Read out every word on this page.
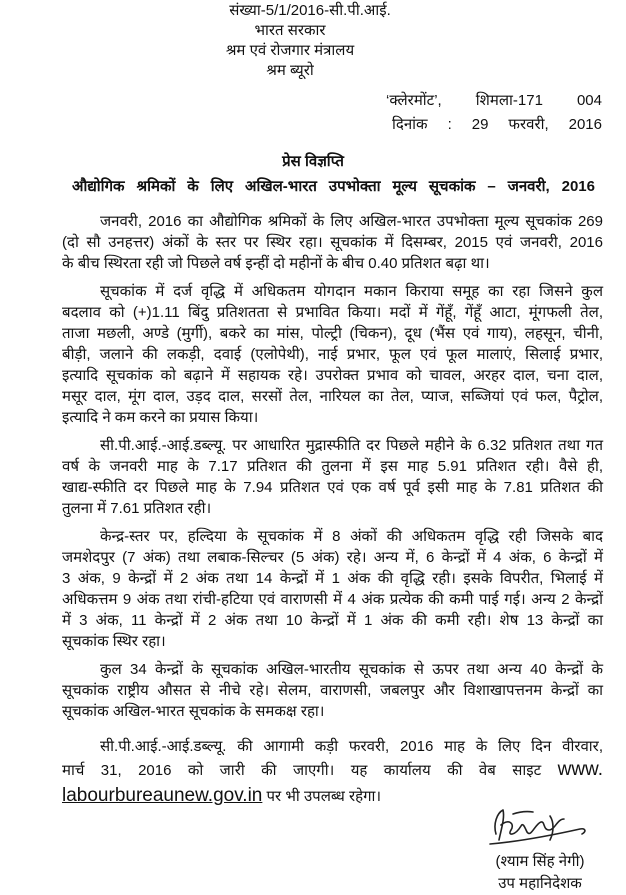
संख्या-5/1/2016-सी.पी.आई.
भारत सरकार
श्रम एवं रोजगार मंत्रालय
श्रम ब्यूरो
‘क्लेरमोंट’, शिमला-171 004
दिनांक : 29 फरवरी, 2016
प्रेस विज्ञप्ति
औद्योगिक श्रमिकों के लिए अखिल-भारत उपभोक्ता मूल्य सूचकांक – जनवरी, 2016
जनवरी, 2016 का औद्योगिक श्रमिकों के लिए अखिल-भारत उपभोक्ता मूल्य सूचकांक 269
(दो सौ उनहत्तर) अंकों के स्तर पर स्थिर रहा। सूचकांक में दिसम्बर, 2015 एवं जनवरी, 2016
के बीच स्थिरता रही जो पिछले वर्ष इन्हीं दो महीनों के बीच 0.40 प्रतिशत बढ़ा था।
सूचकांक में दर्ज वृद्धि में अधिकतम योगदान मकान किराया समूह का रहा जिसने कुल
बदलाव को (+)1.11 बिंदु प्रतिशतता से प्रभावित किया। मदों में गेंहूँ, गेंहूँ आटा, मूंगफली तेल,
ताजा मछली, अण्डे (मुर्गी), बकरे का मांस, पोल्ट्री (चिकन), दूध (भैंस एवं गाय), लहसून, चीनी,
बीड़ी, जलाने की लकड़ी, दवाई (एलोपेथी), नाई प्रभार, फूल एवं फूल मालाएं, सिलाई प्रभार,
इत्यादि सूचकांक को बढ़ाने में सहायक रहे। उपरोक्त प्रभाव को चावल, अरहर दाल, चना दाल,
मसूर दाल, मूंग दाल, उड़द दाल, सरसों तेल, नारियल का तेल, प्याज, सब्जियां एवं फल, पैट्रोल,
इत्यादि ने कम करने का प्रयास किया।
सी.पी.आई.-आई.डब्ल्यू. पर आधारित मुद्रास्फीति दर पिछले महीने के 6.32 प्रतिशत तथा गत
वर्ष के जनवरी माह के 7.17 प्रतिशत की तुलना में इस माह 5.91 प्रतिशत रही। वैसे ही,
खाद्य-स्फीति दर पिछले माह के 7.94 प्रतिशत एवं एक वर्ष पूर्व इसी माह के 7.81 प्रतिशत की
तुलना में 7.61 प्रतिशत रही।
केन्द्र-स्तर पर, हल्दिया के सूचकांक में 8 अंकों की अधिकतम वृद्धि रही जिसके बाद
जमशेदपुर (7 अंक) तथा लबाक-सिल्चर (5 अंक) रहे। अन्य में, 6 केन्द्रों में 4 अंक, 6 केन्द्रों में
3 अंक, 9 केन्द्रों में 2 अंक तथा 14 केन्द्रों में 1 अंक की वृद्धि रही। इसके विपरीत, भिलाई में
अधिकत्तम 9 अंक तथा रांची-हटिया एवं वाराणसी में 4 अंक प्रत्येक की कमी पाई गई। अन्य 2 केन्द्रों
में 3 अंक, 11 केन्द्रों में 2 अंक तथा 10 केन्द्रों में 1 अंक की कमी रही। शेष 13 केन्द्रों का
सूचकांक स्थिर रहा।
कुल 34 केन्द्रों के सूचकांक अखिल-भारतीय सूचकांक से ऊपर तथा अन्य 40 केन्द्रों के
सूचकांक राष्ट्रीय औसत से नीचे रहे। सेलम, वाराणसी, जबलपुर और विशाखापत्तनम केन्द्रों का
सूचकांक अखिल-भारत सूचकांक के समकक्ष रहा।
सी.पी.आई.-आई.डब्ल्यू. की आगामी कड़ी फरवरी, 2016 माह के लिए दिन वीरवार,
मार्च 31, 2016 को जारी की जाएगी। यह कार्यालय की वेब साइट www.
labourbureaunew.gov.in पर भी उपलब्ध रहेगा।
(श्याम सिंह नेगी)
उप महानिदेशक
